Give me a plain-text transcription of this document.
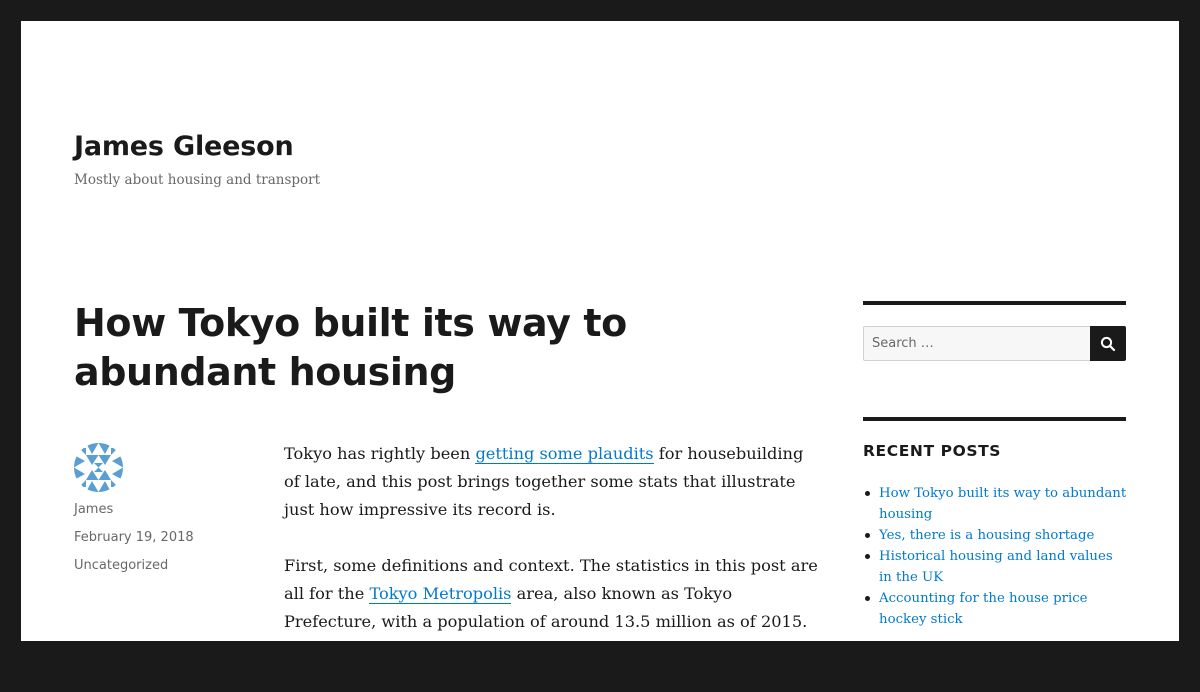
James Gleeson

Mostly about housing and transport

How Tokyo built its way to abundant housing
James
February 19, 2018
Uncategorized

Tokyo has rightly been getting some plaudits for housebuilding of late, and this post brings together some stats that illustrate just how impressive its record is.

First, some definitions and context. The statistics in this post are all for the Tokyo Metropolis area, also known as Tokyo Prefecture, with a population of around 13.5 million as of 2015. This is just part

Search …
RECENT POSTS
How Tokyo built its way to abundant housing
Yes, there is a housing shortage
Historical housing and land values in the UK
Accounting for the house price hockey stick
